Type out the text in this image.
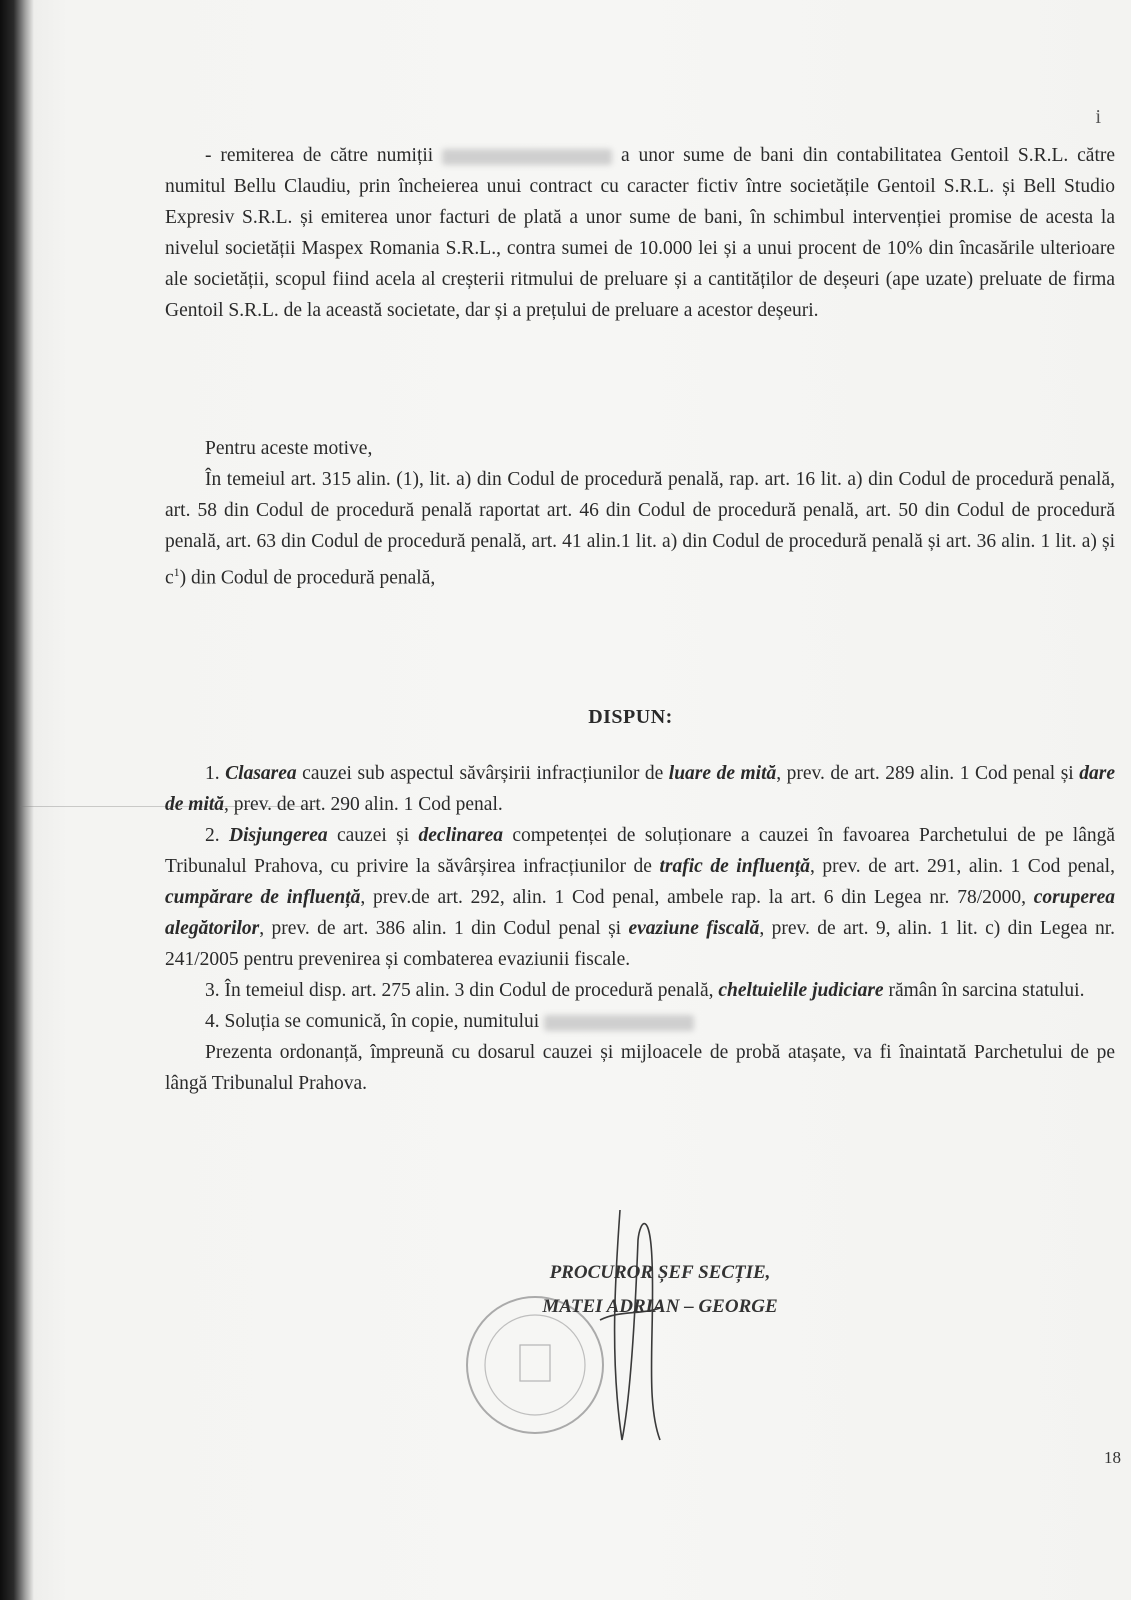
i

- remiterea de către numiții	a unor sume de bani din contabilitatea Gentoil S.R.L. către numitul Bellu Claudiu, prin încheierea unui contract cu caracter fictiv între societățile Gentoil S.R.L. și Bell Studio Expresiv S.R.L. și emiterea unor facturi de plată a unor sume de bani, în schimbul intervenției promise de acesta la nivelul societății Maspex Romania S.R.L., contra sumei de 10.000 lei și a unui procent de 10% din încasările ulterioare ale societății, scopul fiind acela al creșterii ritmului de preluare și a cantităților de deșeuri (ape uzate) preluate de firma Gentoil S.R.L. de la această societate, dar și a prețului de preluare a acestor deșeuri.

Pentru aceste motive,

În temeiul art. 315 alin. (1), lit. a) din Codul de procedură penală, rap. art. 16 lit. a) din Codul de procedură penală, art. 58 din Codul de procedură penală raportat art. 46 din Codul de procedură penală, art. 50 din Codul de procedură penală, art. 63 din Codul de procedură penală, art. 41 alin.1 lit. a) din Codul de procedură penală și art. 36 alin. 1 lit. a) și $c^1$) din Codul de procedură penală,

DISPUN:

1. Clasarea cauzei sub aspectul săvârșirii infracțiunilor de luare de mită, prev. de art. 289 alin. 1 Cod penal și dare de mită, prev. de art. 290 alin. 1 Cod penal.

2. Disjungerea cauzei și declinarea competenței de soluționare a cauzei în favoarea Parchetului de pe lângă Tribunalul Prahova, cu privire la săvârșirea infracțiunilor de trafic de influență, prev. de art. 291, alin. 1 Cod penal, cumpărare de influență, prev.de art. 292, alin. 1 Cod penal, ambele rap. la art. 6 din Legea nr. 78/2000, coruperea alegătorilor, prev. de art. 386 alin. 1 din Codul penal și evaziune fiscală, prev. de art. 9, alin. 1 lit. c) din Legea nr. 241/2005 pentru prevenirea și combaterea evaziunii fiscale.

3. În temeiul disp. art. 275 alin. 3 din Codul de procedură penală, cheltuielile judiciare rămân în sarcina statului.

4. Soluția se comunică, în copie, numitului

Prezenta ordonanță, împreună cu dosarul cauzei și mijloacele de probă atașate, va fi înaintată Parchetului de pe lângă Tribunalul Prahova.

PROCUROR ȘEF SECȚIE,
MATEI ADRIAN – GEORGE
18
